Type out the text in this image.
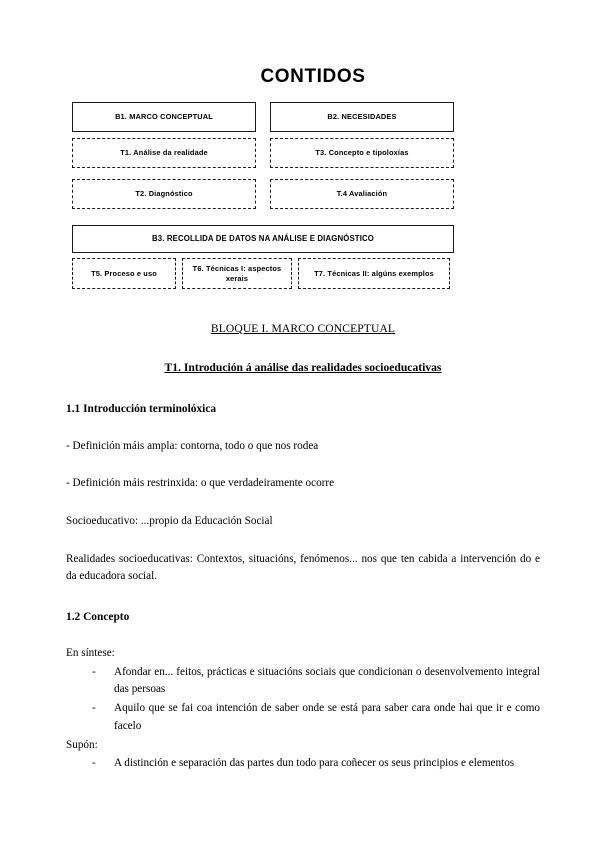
CONTIDOS
B1. MARCO CONCEPTUAL
T1. Análise da realidade
T2. Diagnóstico
B2. NECESIDADES
T3. Concepto e tipoloxías
T.4 Avaliación
B3. RECOLLIDA DE DATOS NA ANÁLISE E DIAGNÓSTICO
T5. Proceso e uso
T6. Técnicas I: aspectos xerais
T7. Técnicas II: algúns exemplos
BLOQUE I. MARCO CONCEPTUAL
T1. Introdución á análise das realidades socioeducativas
1.1 Introducción terminolóxica

- Definición máis ampla: contorna, todo o que nos rodea

- Definición máis restrinxida: o que verdadeiramente ocorre

Socioeducativo: ...propio da Educación Social

Realidades socioeducativas: Contextos, situacións, fenómenos... nos que ten cabida a intervención do e da educadora social.

1.2 Concepto

En síntese:

- Afondar en... feitos, prácticas e situacións sociais que condicionan o desenvolvemento integral das persoas
- Aquilo que se fai coa intención de saber onde se está para saber cara onde hai que ir e como facelo

Supón:

- A distinción e separación das partes dun todo para coñecer os seus principios e elementos
